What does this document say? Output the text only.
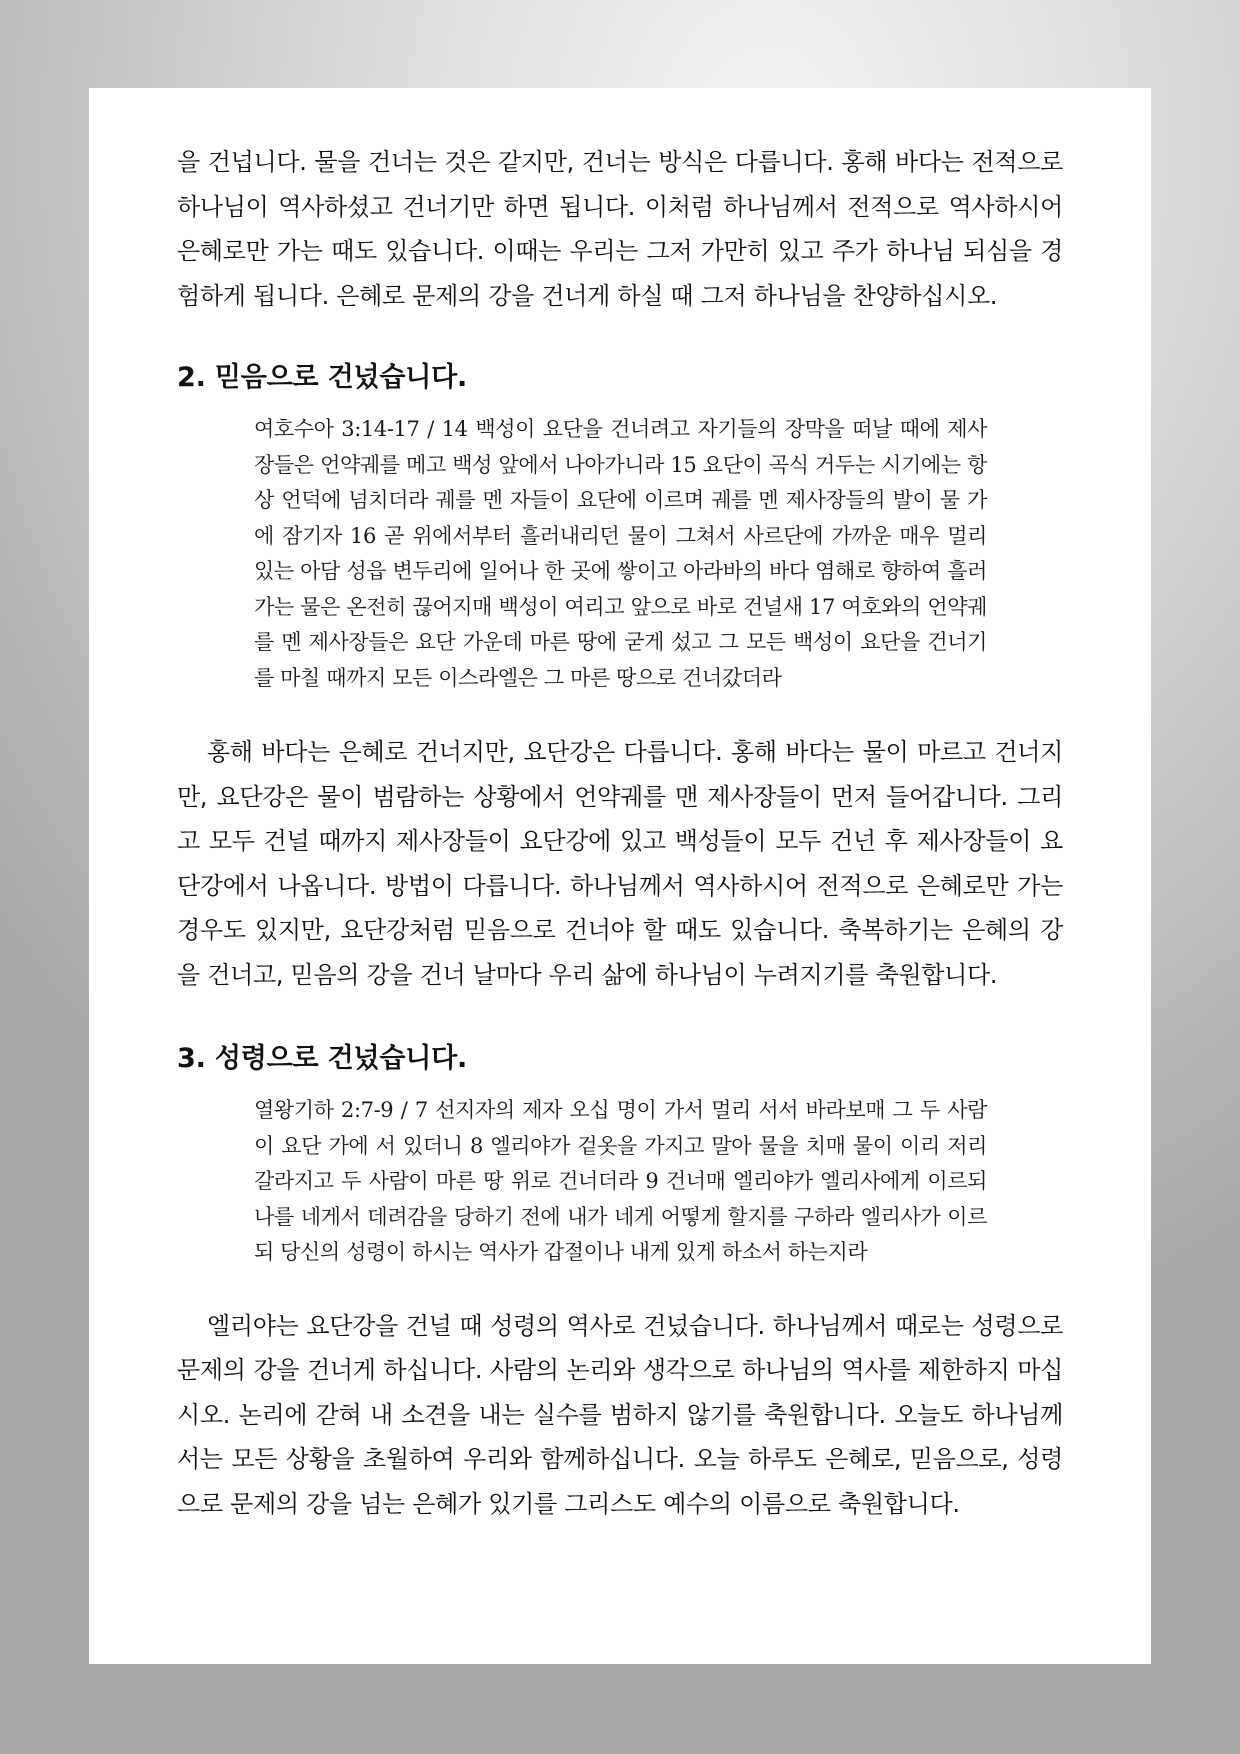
을 건넙니다. 물을 건너는 것은 같지만, 건너는 방식은 다릅니다. 홍해 바다는 전적으로 하나님이 역사하셨고 건너기만 하면 됩니다. 이처럼 하나님께서 전적으로 역사하시어 은혜로만 가는 때도 있습니다. 이때는 우리는 그저 가만히 있고 주가 하나님 되심을 경험하게 됩니다. 은혜로 문제의 강을 건너게 하실 때 그저 하나님을 찬양하십시오.

2. 믿음으로 건넜습니다.

여호수아 3:14-17 / 14 백성이 요단을 건너려고 자기들의 장막을 떠날 때에 제사장들은 언약궤를 메고 백성 앞에서 나아가니라 15 요단이 곡식 거두는 시기에는 항상 언덕에 넘치더라 궤를 멘 자들이 요단에 이르며 궤를 멘 제사장들의 발이 물 가에 잠기자 16 곧 위에서부터 흘러내리던 물이 그쳐서 사르단에 가까운 매우 멀리 있는 아담 성읍 변두리에 일어나 한 곳에 쌓이고 아라바의 바다 염해로 향하여 흘러가는 물은 온전히 끊어지매 백성이 여리고 앞으로 바로 건널새 17 여호와의 언약궤를 멘 제사장들은 요단 가운데 마른 땅에 굳게 섰고 그 모든 백성이 요단을 건너기를 마칠 때까지 모든 이스라엘은 그 마른 땅으로 건너갔더라

홍해 바다는 은혜로 건너지만, 요단강은 다릅니다. 홍해 바다는 물이 마르고 건너지만, 요단강은 물이 범람하는 상황에서 언약궤를 맨 제사장들이 먼저 들어갑니다. 그리고 모두 건널 때까지 제사장들이 요단강에 있고 백성들이 모두 건넌 후 제사장들이 요단강에서 나옵니다. 방법이 다릅니다. 하나님께서 역사하시어 전적으로 은혜로만 가는 경우도 있지만, 요단강처럼 믿음으로 건너야 할 때도 있습니다. 축복하기는 은혜의 강을 건너고, 믿음의 강을 건너 날마다 우리 삶에 하나님이 누려지기를 축원합니다.

3. 성령으로 건넜습니다.

열왕기하 2:7-9 / 7 선지자의 제자 오십 명이 가서 멀리 서서 바라보매 그 두 사람이 요단 가에 서 있더니 8 엘리야가 겉옷을 가지고 말아 물을 치매 물이 이리 저리 갈라지고 두 사람이 마른 땅 위로 건너더라 9 건너매 엘리야가 엘리사에게 이르되 나를 네게서 데려감을 당하기 전에 내가 네게 어떻게 할지를 구하라 엘리사가 이르되 당신의 성령이 하시는 역사가 갑절이나 내게 있게 하소서 하는지라

엘리야는 요단강을 건널 때 성령의 역사로 건넜습니다. 하나님께서 때로는 성령으로 문제의 강을 건너게 하십니다. 사람의 논리와 생각으로 하나님의 역사를 제한하지 마십시오. 논리에 갇혀 내 소견을 내는 실수를 범하지 않기를 축원합니다. 오늘도 하나님께서는 모든 상황을 초월하여 우리와 함께하십니다. 오늘 하루도 은혜로, 믿음으로, 성령으로 문제의 강을 넘는 은혜가 있기를 그리스도 예수의 이름으로 축원합니다.
